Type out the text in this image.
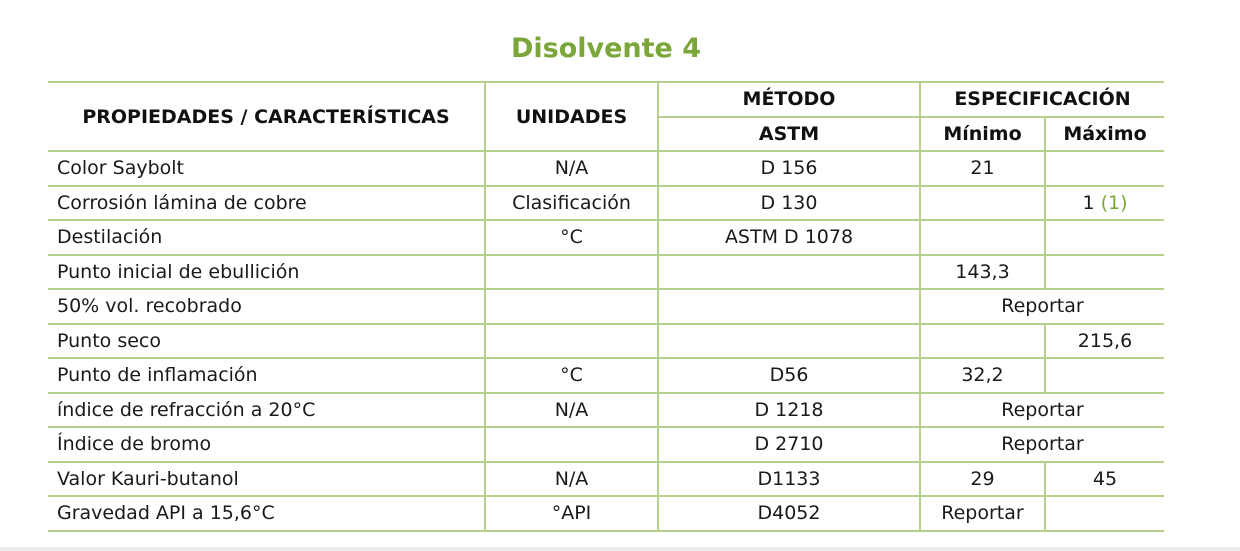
Disolvente 4
PROPIEDADES / CARACTERÍSTICAS	UNIDADES	MÉTODO	ESPECIFICACIÓN	
		ASTM	Mínimo	Máximo
Color Saybolt	N/A	D 156	21	
Corrosión lámina de cobre	Clasificación	D 130		1 (1)
Destilación	°C	ASTM D 1078		
Punto inicial de ebullición			143,3	
50% vol. recobrado			Reportar	
Punto seco				215,6
Punto de inflamación	°C	D56	32,2	
índice de refracción a 20°C	N/A	D 1218	Reportar	
Índice de bromo		D 2710	Reportar	
Valor Kauri-butanol	N/A	D1133	29	45
Gravedad API a 15,6°C	°API	D4052	Reportar	
